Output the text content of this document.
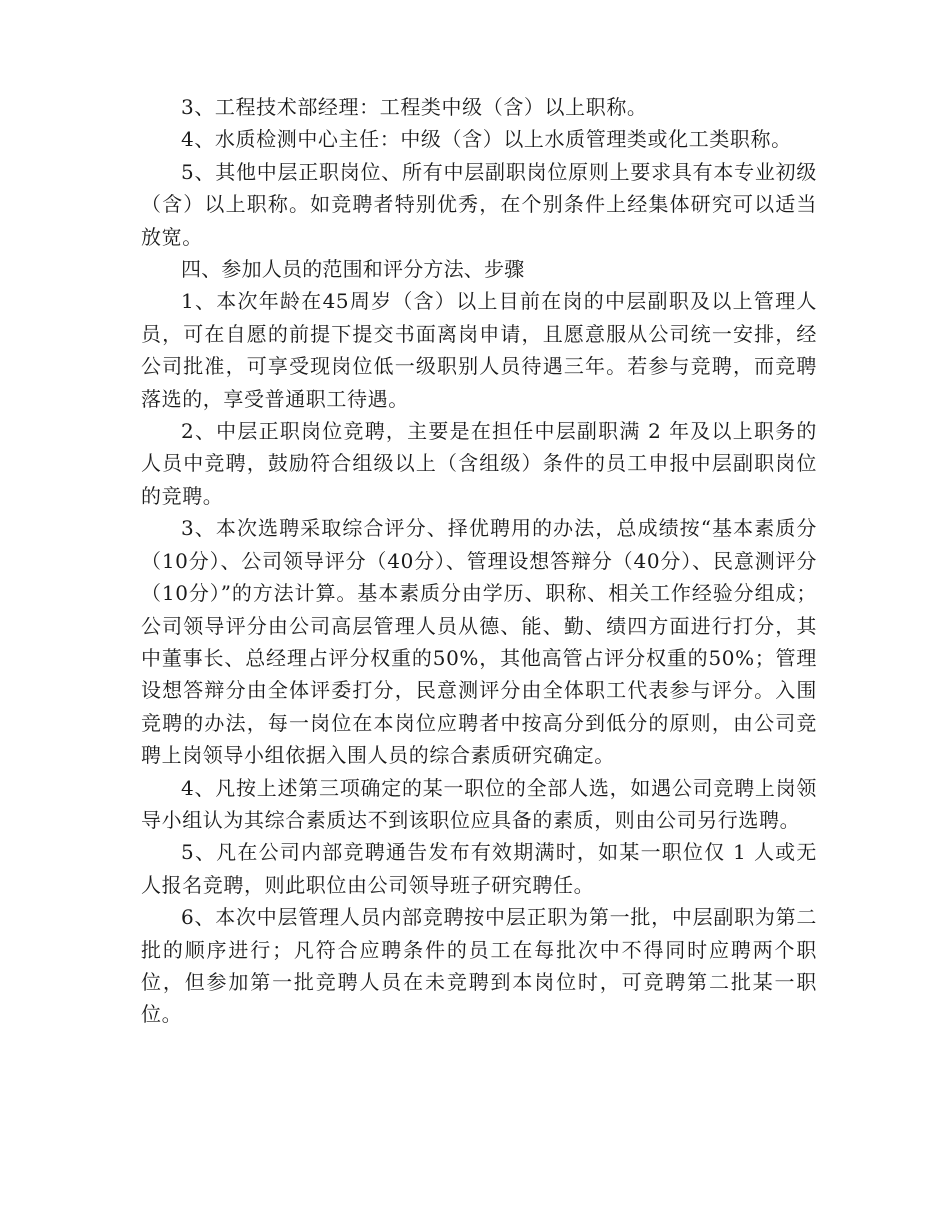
3、工程技术部经理：工程类中级（含）以上职称。

4、水质检测中心主任：中级（含）以上水质管理类或化工类职称。

5、其他中层正职岗位、所有中层副职岗位原则上要求具有本专业初级（含）以上职称。如竞聘者特别优秀，在个别条件上经集体研究可以适当放宽。

四、参加人员的范围和评分方法、步骤

1、本次年龄在45周岁（含）以上目前在岗的中层副职及以上管理人员，可在自愿的前提下提交书面离岗申请，且愿意服从公司统一安排，经公司批准，可享受现岗位低一级职别人员待遇三年。若参与竞聘，而竞聘落选的，享受普通职工待遇。

2、中层正职岗位竞聘，主要是在担任中层副职满 2 年及以上职务的人员中竞聘，鼓励符合组级以上（含组级）条件的员工申报中层副职岗位的竞聘。

3、本次选聘采取综合评分、择优聘用的办法，总成绩按“基本素质分（10分）、公司领导评分（40分）、管理设想答辩分（40分）、民意测评分（10分）”的方法计算。基本素质分由学历、职称、相关工作经验分组成；公司领导评分由公司高层管理人员从德、能、勤、绩四方面进行打分，其中董事长、总经理占评分权重的50%，其他高管占评分权重的50%；管理设想答辩分由全体评委打分，民意测评分由全体职工代表参与评分。入围竞聘的办法，每一岗位在本岗位应聘者中按高分到低分的原则，由公司竞聘上岗领导小组依据入围人员的综合素质研究确定。

4、凡按上述第三项确定的某一职位的全部人选，如遇公司竞聘上岗领导小组认为其综合素质达不到该职位应具备的素质，则由公司另行选聘。

5、凡在公司内部竞聘通告发布有效期满时，如某一职位仅 1 人或无人报名竞聘，则此职位由公司领导班子研究聘任。

6、本次中层管理人员内部竞聘按中层正职为第一批，中层副职为第二批的顺序进行；凡符合应聘条件的员工在每批次中不得同时应聘两个职位，但参加第一批竞聘人员在未竞聘到本岗位时，可竞聘第二批某一职位。
